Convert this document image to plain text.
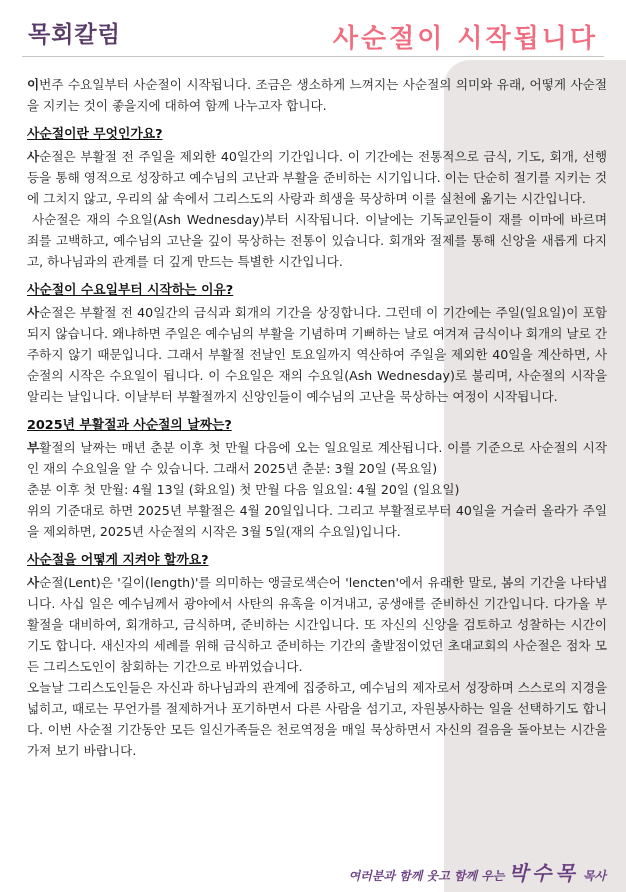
목회칼럼	사순절이 시작됩니다

이번주 수요일부터 사순절이 시작됩니다. 조금은 생소하게 느껴지는 사순절의 의미와 유래, 어떻게 사순절을 지키는 것이 좋을지에 대하여 함께 나누고자 합니다.

사순절이란 무엇인가요?

사순절은 부활절 전 주일을 제외한 40일간의 기간입니다. 이 기간에는 전통적으로 금식, 기도, 회개, 선행 등을 통해 영적으로 성장하고 예수님의 고난과 부활을 준비하는 시기입니다. 이는 단순히 절기를 지키는 것에 그치지 않고, 우리의 삶 속에서 그리스도의 사랑과 희생을 묵상하며 이를 실천에 옮기는 시간입니다.

사순절은 재의 수요일(Ash Wednesday)부터 시작됩니다. 이날에는 기독교인들이 재를 이마에 바르며 죄를 고백하고, 예수님의 고난을 깊이 묵상하는 전통이 있습니다. 회개와 절제를 통해 신앙을 새롭게 다지고, 하나님과의 관계를 더 깊게 만드는 특별한 시간입니다.

사순절이 수요일부터 시작하는 이유?

사순절은 부활절 전 40일간의 금식과 회개의 기간을 상징합니다. 그런데 이 기간에는 주일(일요일)이 포함되지 않습니다. 왜냐하면 주일은 예수님의 부활을 기념하며 기뻐하는 날로 여겨져 금식이나 회개의 날로 간주하지 않기 때문입니다. 그래서 부활절 전날인 토요일까지 역산하여 주일을 제외한 40일을 계산하면, 사순절의 시작은 수요일이 됩니다. 이 수요일은 재의 수요일(Ash Wednesday)로 불리며, 사순절의 시작을 알리는 날입니다. 이날부터 부활절까지 신앙인들이 예수님의 고난을 묵상하는 여정이 시작됩니다.

2025년 부활절과 사순절의 날짜는?

부활절의 날짜는 매년 춘분 이후 첫 만월 다음에 오는 일요일로 계산됩니다. 이를 기준으로 사순절의 시작인 재의 수요일을 알 수 있습니다. 그래서 2025년 춘분: 3월 20일 (목요일)

춘분 이후 첫 만월: 4월 13일 (화요일) 첫 만월 다음 일요일: 4월 20일 (일요일)

위의 기준대로 하면 2025년 부활절은 4월 20일입니다. 그리고 부활절로부터 40일을 거슬러 올라가 주일을 제외하면, 2025년 사순절의 시작은 3월 5일(재의 수요일)입니다.

사순절을 어떻게 지켜야 할까요?

사순절(Lent)은 '길이(length)'를 의미하는 앵글로색슨어 'lencten'에서 유래한 말로, 봄의 기간을 나타냅니다. 사십 일은 예수님께서 광야에서 사탄의 유혹을 이겨내고, 공생애를 준비하신 기간입니다. 다가올 부활절을 대비하여, 회개하고, 금식하며, 준비하는 시간입니다. 또 자신의 신앙을 검토하고 성찰하는 시간이기도 합니다. 새신자의 세례를 위해 금식하고 준비하는 기간의 출발점이었던 초대교회의 사순절은 점차 모든 그리스도인이 참회하는 기간으로 바뀌었습니다.

오늘날 그리스도인들은 자신과 하나님과의 관계에 집중하고, 예수님의 제자로서 성장하며 스스로의 지경을 넓히고, 때로는 무언가를 절제하거나 포기하면서 다른 사람을 섬기고, 자원봉사하는 일을 선택하기도 합니다. 이번 사순절 기간동안 모든 일신가족들은 천로역정을 매일 묵상하면서 자신의 걸음을 돌아보는 시간을 가져 보기 바랍니다.

여러분과 함께 웃고 함께 우는 박수목 목사
